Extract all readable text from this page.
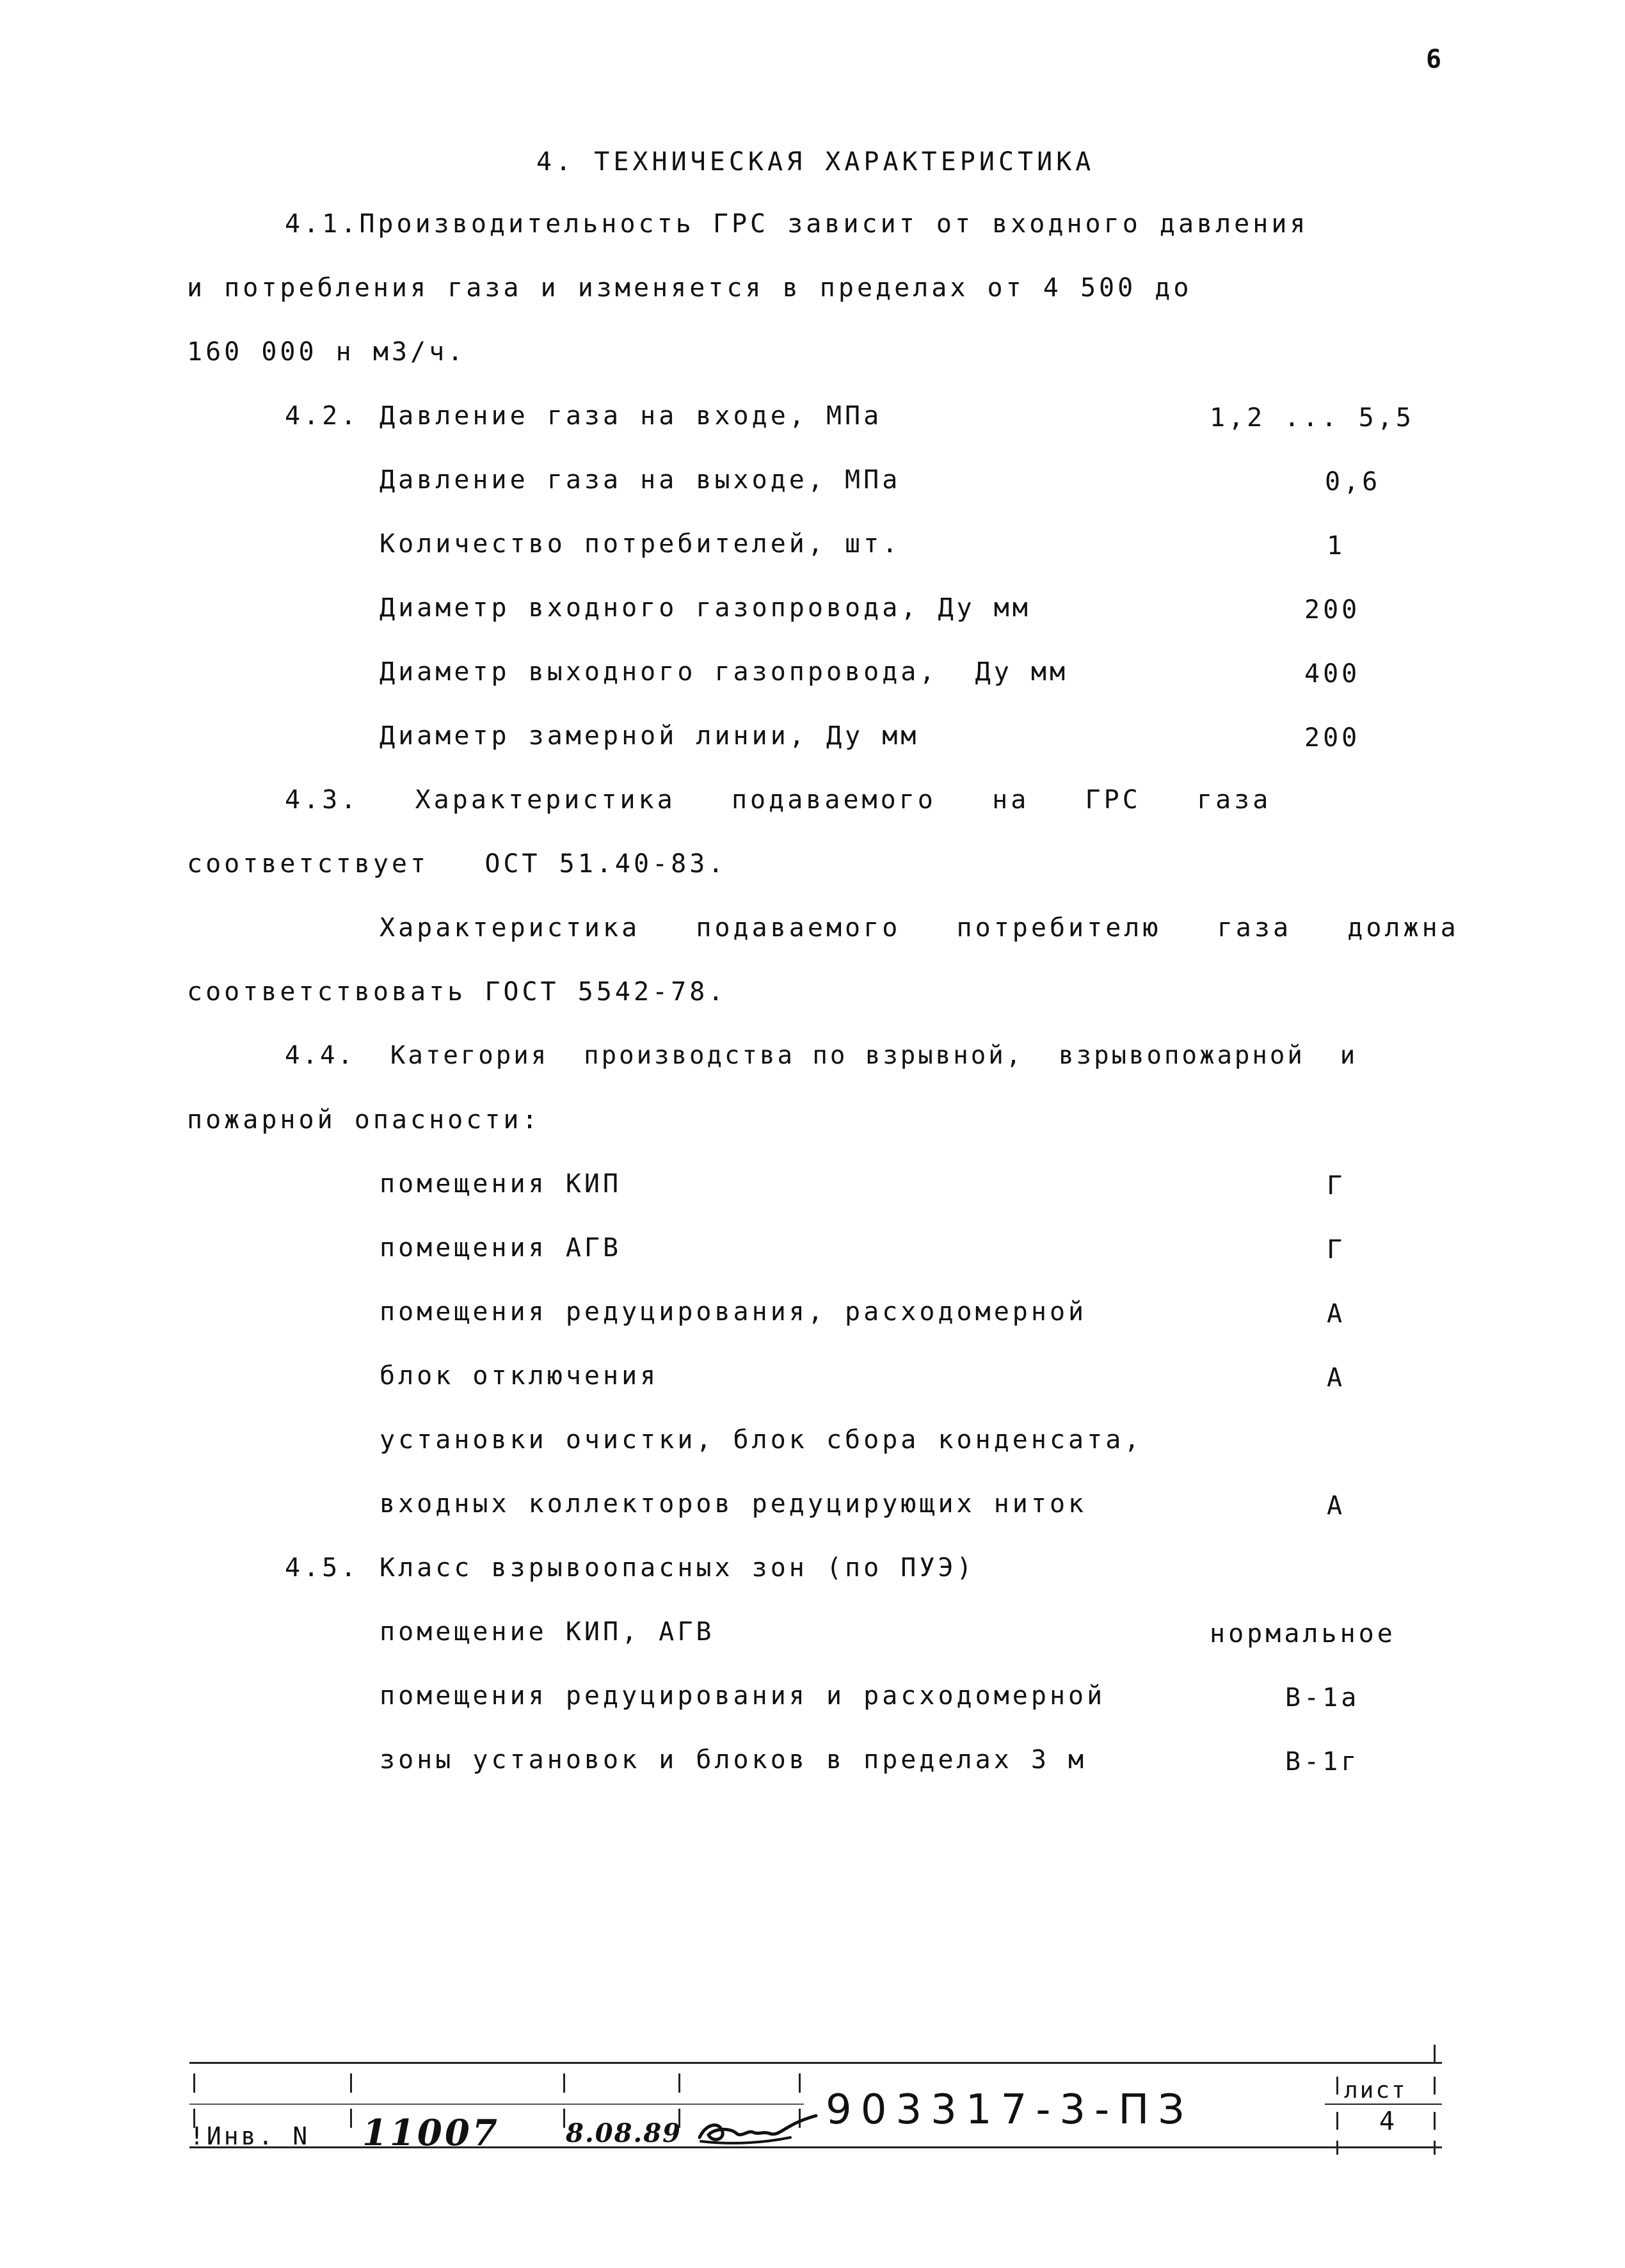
6
4. ТЕХНИЧЕСКАЯ ХАРАКТЕРИСТИКА
4.1.Производительность ГРС зависит от входного давления
и потребления газа и изменяется в пределах от 4 500 до
160 000 н м3/ч.
4.2. Давление газа на входе, МПа	1,2 ... 5,5
Давление газа на выходе, МПа	0,6
Количество потребителей, шт.	1
Диаметр входного газопровода, Ду мм	200
Диаметр выходного газопровода,  Ду мм	400
Диаметр замерной линии, Ду мм	200
4.3.   Характеристика   подаваемого   на   ГРС   газа
соответствует   ОСТ 51.40-83.
Характеристика   подаваемого   потребителю   газа   должна
соответствовать ГОСТ 5542-78.
4.4.  Категория  производства по взрывной,  взрывопожарной  и
пожарной опасности:
помещения КИП	Г
помещения АГВ	Г
помещения редуцирования, расходомерной	А
блок отключения	А
установки очистки, блок сбора конденсата,
входных коллекторов редуцирующих ниток	А
4.5. Класс взрывоопасных зон (по ПУЭ)
помещение КИП, АГВ	нормальное
помещения редуцирования и расходомерной	В-1а
зоны установок и блоков в пределах 3 м	В-1г
!Инв. N 11007	8.08.89	903317-3-ПЗ	лист
4
